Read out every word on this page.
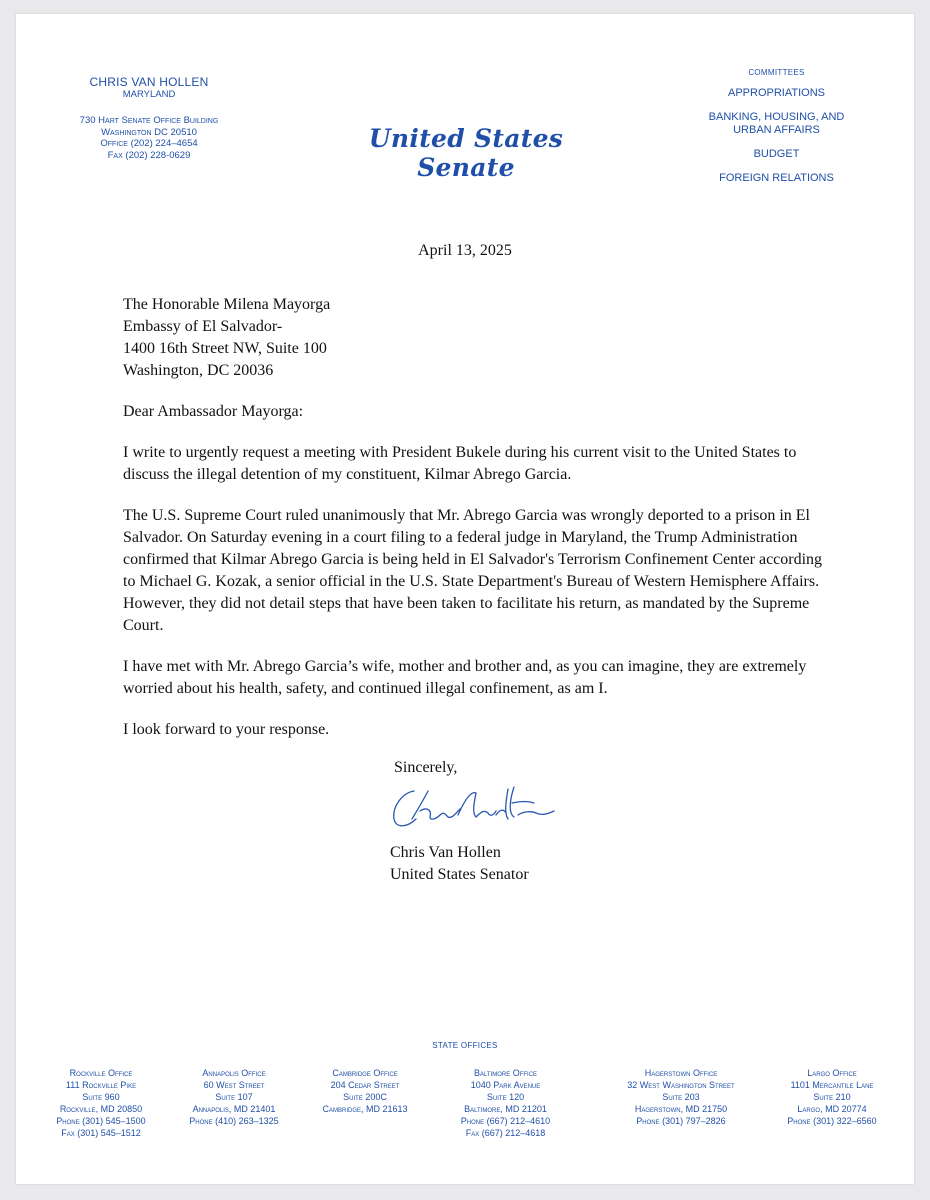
CHRIS VAN HOLLEN
MARYLAND
730 Hart Senate Office Building
Washington DC 20510
Office (202) 224–4654
Fax (202) 228-0629
United States Senate
COMMITTEES
APPROPRIATIONS
BANKING, HOUSING, AND URBAN AFFAIRS
BUDGET
FOREIGN RELATIONS
April 13, 2025
The Honorable Milena Mayorga
Embassy of El Salvador-
1400 16th Street NW, Suite 100
Washington, DC 20036

Dear Ambassador Mayorga:

I write to urgently request a meeting with President Bukele during his current visit to the United States to discuss the illegal detention of my constituent, Kilmar Abrego Garcia.

The U.S. Supreme Court ruled unanimously that Mr. Abrego Garcia was wrongly deported to a prison in El Salvador. On Saturday evening in a court filing to a federal judge in Maryland, the Trump Administration confirmed that Kilmar Abrego Garcia is being held in El Salvador's Terrorism Confinement Center according to Michael G. Kozak, a senior official in the U.S. State Department's Bureau of Western Hemisphere Affairs. However, they did not detail steps that have been taken to facilitate his return, as mandated by the Supreme Court.

I have met with Mr. Abrego Garcia’s wife, mother and brother and, as you can imagine, they are extremely worried about his health, safety, and continued illegal confinement, as am I.

I look forward to your response.

Sincerely,
Chris Van Hollen
United States Senator
STATE OFFICES
Rockville Office
111 Rockville Pike
Suite 960
Rockville, MD 20850
Phone (301) 545–1500
Fax (301) 545–1512
Annapolis Office
60 West Street
Suite 107
Annapolis, MD 21401
Phone (410) 263–1325
Cambridge Office
204 Cedar Street
Suite 200C
Cambridge, MD 21613
Baltimore Office
1040 Park Avenue
Suite 120
Baltimore, MD 21201
Phone (667) 212–4610
Fax (667) 212–4618
Hagerstown Office
32 West Washington Street
Suite 203
Hagerstown, MD 21750
Phone (301) 797–2826
Largo Office
1101 Mercantile Lane
Suite 210
Largo, MD 20774
Phone (301) 322–6560
